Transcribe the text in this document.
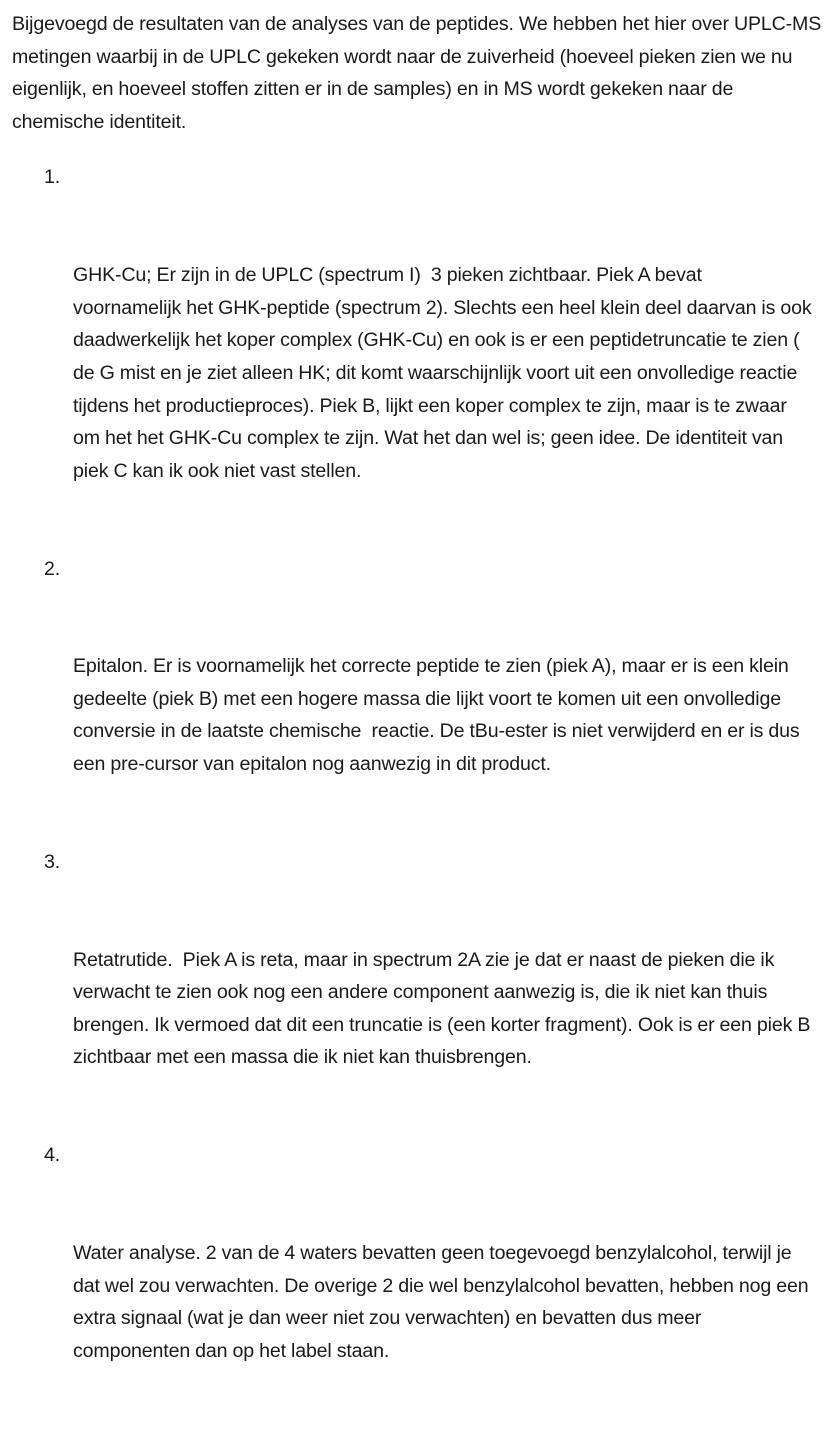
Bijgevoegd de resultaten van de analyses van de peptides. We hebben het hier over UPLC-MS metingen waarbij in de UPLC gekeken wordt naar de zuiverheid (hoeveel pieken zien we nu eigenlijk, en hoeveel stoffen zitten er in de samples) en in MS wordt gekeken naar de chemische identiteit.

1.

GHK-Cu; Er zijn in de UPLC (spectrum I)  3 pieken zichtbaar. Piek A bevat voornamelijk het GHK-peptide (spectrum 2). Slechts een heel klein deel daarvan is ook daadwerkelijk het koper complex (GHK-Cu) en ook is er een peptidetruncatie te zien ( de G mist en je ziet alleen HK; dit komt waarschijnlijk voort uit een onvolledige reactie tijdens het productieproces). Piek B, lijkt een koper complex te zijn, maar is te zwaar om het het GHK-Cu complex te zijn. Wat het dan wel is; geen idee. De identiteit van piek C kan ik ook niet vast stellen.

2.

Epitalon. Er is voornamelijk het correcte peptide te zien (piek A), maar er is een klein gedeelte (piek B) met een hogere massa die lijkt voort te komen uit een onvolledige conversie in de laatste chemische  reactie. De tBu-ester is niet verwijderd en er is dus een pre-cursor van epitalon nog aanwezig in dit product.

3.

Retatrutide.  Piek A is reta, maar in spectrum 2A zie je dat er naast de pieken die ik verwacht te zien ook nog een andere component aanwezig is, die ik niet kan thuis brengen. Ik vermoed dat dit een truncatie is (een korter fragment). Ook is er een piek B zichtbaar met een massa die ik niet kan thuisbrengen.

4.

Water analyse. 2 van de 4 waters bevatten geen toegevoegd benzylalcohol, terwijl je dat wel zou verwachten. De overige 2 die wel benzylalcohol bevatten, hebben nog een extra signaal (wat je dan weer niet zou verwachten) en bevatten dus meer componenten dan op het label staan.
